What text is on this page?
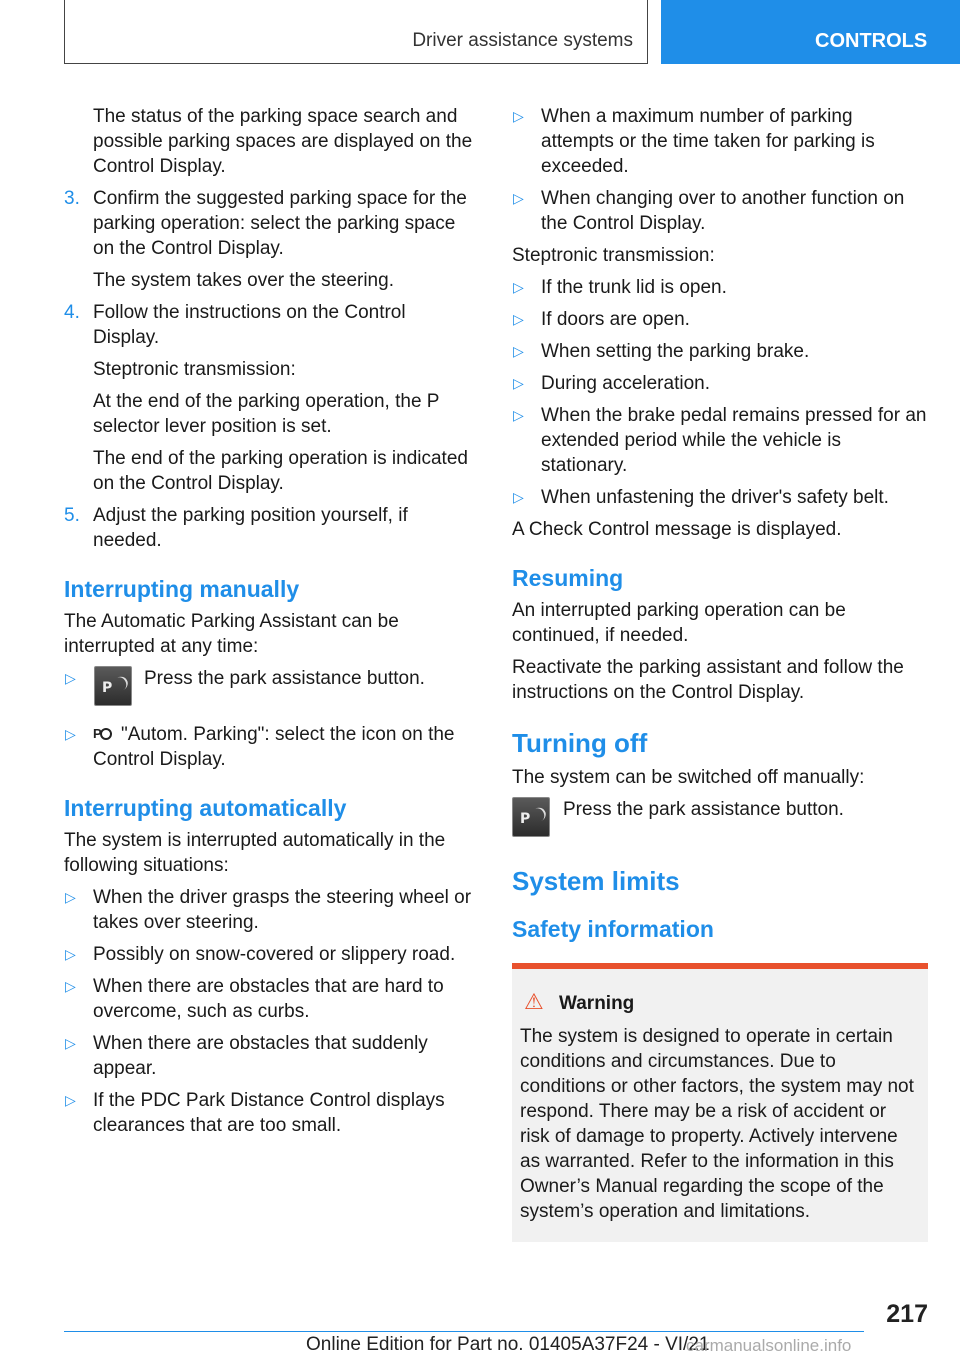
Driver assistance systems	CONTROLS

The status of the parking space search and possible parking spaces are displayed on the Control Display.

3. Confirm the suggested parking space for the parking operation: select the parking space on the Control Display.

The system takes over the steering.

4. Follow the instructions on the Control Display.

Steptronic transmission:

At the end of the parking operation, the P selector lever position is set.

The end of the parking operation is indicated on the Control Display.

5. Adjust the parking position yourself, if needed.
Interrupting manually

The Automatic Parking Assistant can be interrupted at any time:

▷ P	Press the park assistance button.
▷ P "Autom. Parking": select the icon on the Control Display.
Interrupting automatically

The system is interrupted automatically in the following situations:

▷ When the driver grasps the steering wheel or takes over steering.
▷ Possibly on snow-covered or slippery road.
▷ When there are obstacles that are hard to overcome, such as curbs.
▷ When there are obstacles that suddenly appear.
▷ If the PDC Park Distance Control displays clearances that are too small.
▷ When a maximum number of parking attempts or the time taken for parking is exceeded.
▷ When changing over to another function on the Control Display.

Steptronic transmission:

▷ If the trunk lid is open.
▷ If doors are open.
▷ When setting the parking brake.
▷ During acceleration.
▷ When the brake pedal remains pressed for an extended period while the vehicle is stationary.
▷ When unfastening the driver's safety belt.

A Check Control message is displayed.

Resuming

An interrupted parking operation can be continued, if needed.

Reactivate the parking assistant and follow the instructions on the Control Display.

Turning off

The system can be switched off manually:

P
Press the park assistance button.
System limits
Safety information
⚠ Warning
The system is designed to operate in certain conditions and circumstances. Due to conditions or other factors, the system may not respond. There may be a risk of accident or risk of damage to property. Actively intervene as warranted. Refer to the information in this Owner’s Manual regarding the scope of the system’s operation and limitations.
217
Online Edition for Part no. 01405A37F24 - VI/21
carmanualsonline.info
